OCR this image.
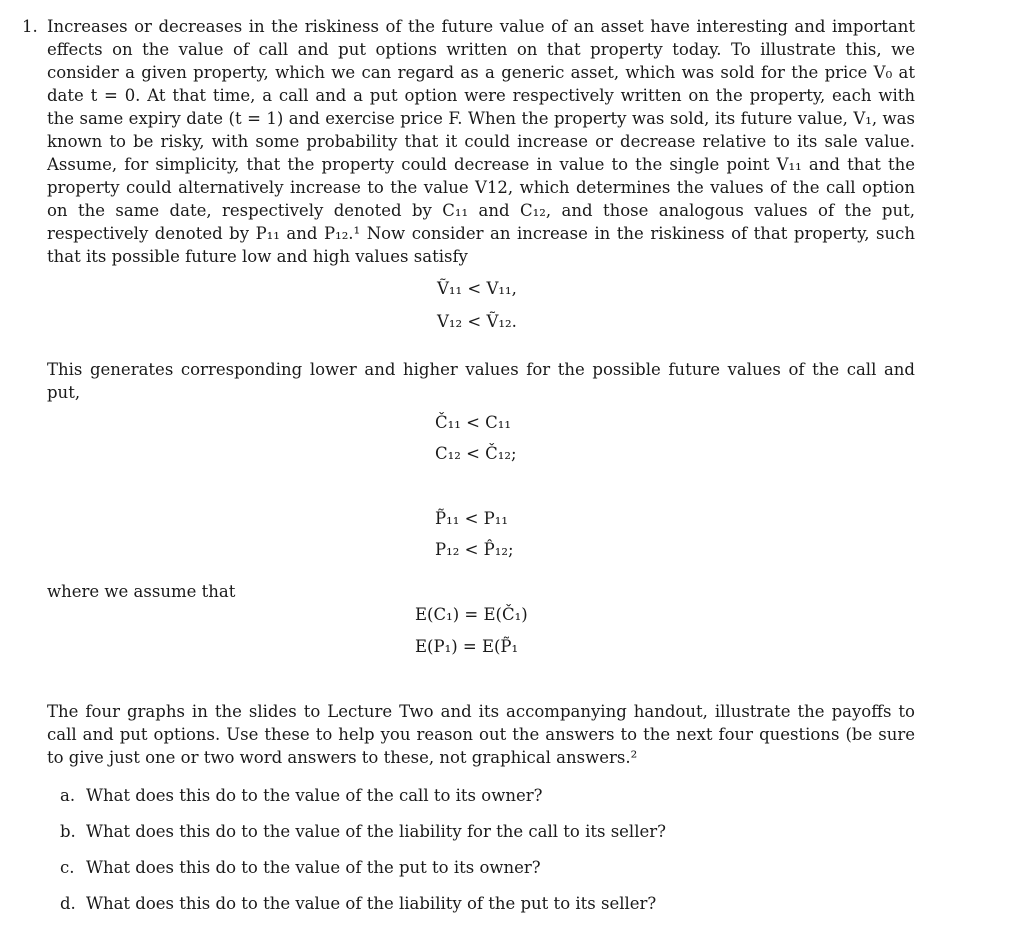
1. Increases or decreases in the riskiness of the future value of an asset have interesting and important effects on the value of call and put options written on that property today. To illustrate this, we consider a given property, which we can regard as a generic asset, which was sold for the price V₀ at date t = 0. At that time, a call and a put option were respectively written on the property, each with the same expiry date (t = 1) and exercise price F. When the property was sold, its future value, V₁, was known to be risky, with some probability that it could increase or decrease relative to its sale value. Assume, for simplicity, that the property could decrease in value to the single point V₁₁ and that the property could alternatively increase to the value V12, which determines the values of the call option on the same date, respectively denoted by C₁₁ and C₁₂, and those analogous values of the put, respectively denoted by P₁₁ and P₁₂.¹ Now consider an increase in the riskiness of that property, such that its possible future low and high values satisfy
Ṽ₁₁ < V₁₁,
V₁₂ < Ṽ₁₂.
This generates corresponding lower and higher values for the possible future values of the call and put,
Č₁₁ < C₁₁
C₁₂ < Č₁₂;
P̃₁₁ < P₁₁
P₁₂ < P̂₁₂;
where we assume that
E(C₁) = E(Č₁)
E(P₁) = E(P̃₁
The four graphs in the slides to Lecture Two and its accompanying handout, illustrate the payoffs to call and put options. Use these to help you reason out the answers to the next four questions (be sure to give just one or two word answers to these, not graphical answers.²
a. What does this do to the value of the call to its owner?
b. What does this do to the value of the liability for the call to its seller?
c. What does this do to the value of the put to its owner?
d. What does this do to the value of the liability of the put to its seller?
